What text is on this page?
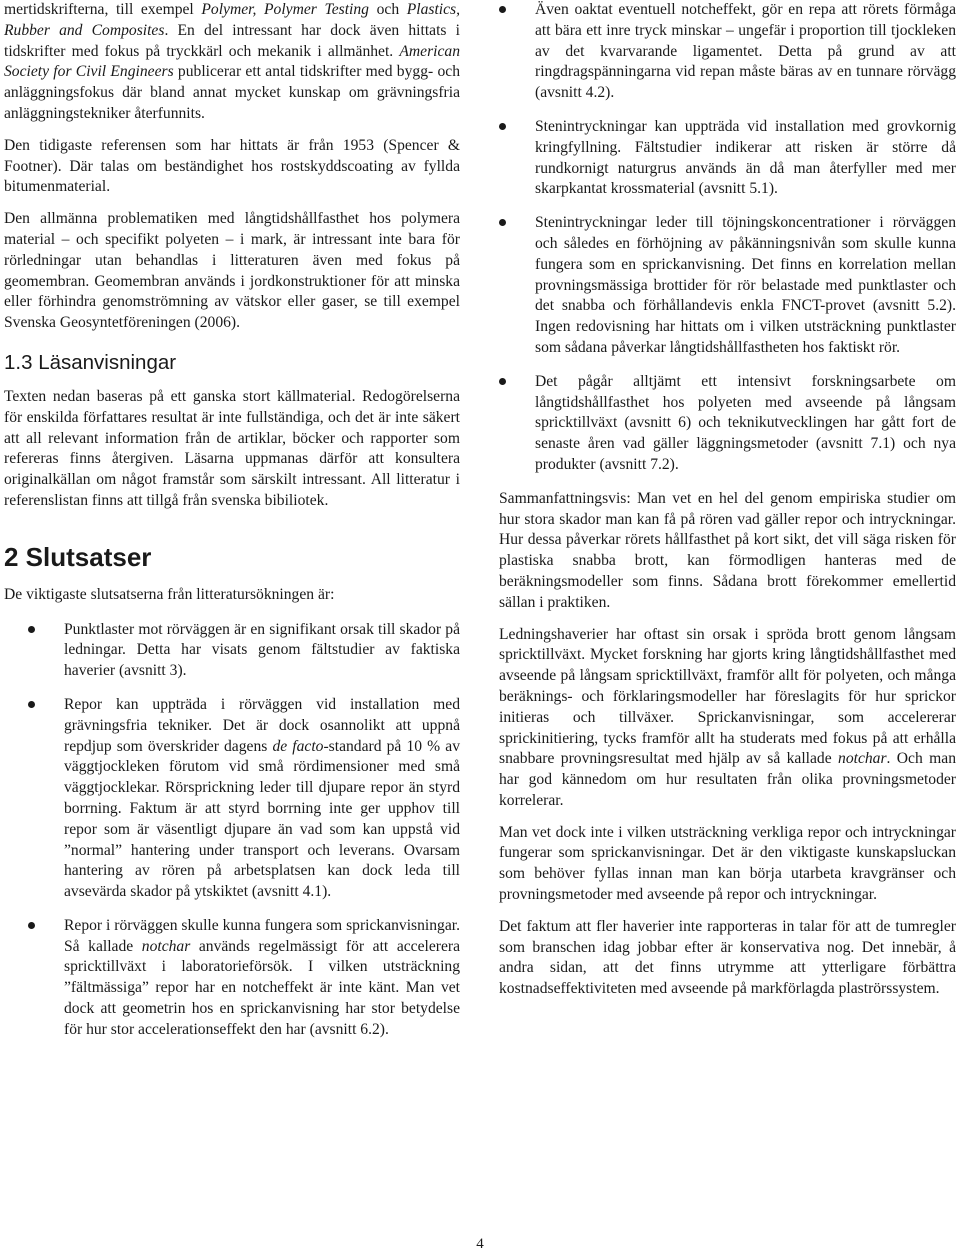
mertidskrifterna, till exempel Polymer, Polymer Testing och Plastics, Rubber and Composites. En del intressant har dock även hittats i tidskrifter med fokus på tryckkärl och mekanik i allmänhet. American Society for Civil Engineers publicerar ett antal tidskrifter med bygg- och anläggningsfokus där bland annat mycket kunskap om grävningsfria anläggningstekniker återfunnits.

Den tidigaste referensen som har hittats är från 1953 (Spencer & Footner). Där talas om beständighet hos rostskyddscoating av fyllda bitumenmaterial.

Den allmänna problematiken med långtidshållfasthet hos polymera material – och specifikt polyeten – i mark, är intressant inte bara för rörledningar utan behandlas i litteraturen även med fokus på geomembran. Geomembran används i jordkonstruktioner för att minska eller förhindra genomströmning av vätskor eller gaser, se till exempel Svenska Geosyntetföreningen (2006).

1.3 Läsanvisningar

Texten nedan baseras på ett ganska stort källmaterial. Redogörelserna för enskilda författares resultat är inte fullständiga, och det är inte säkert att all relevant information från de artiklar, böcker och rapporter som refereras finns återgiven. Läsarna uppmanas därför att konsultera originalkällan om något framstår som särskilt intressant. All litteratur i referenslistan finns att tillgå från svenska bibiliotek.

2 Slutsatser

De viktigaste slutsatserna från litteratursökningen är:

Punktlaster mot rörväggen är en signifikant orsak till skador på ledningar. Detta har visats genom fältstudier av faktiska haverier (avsnitt 3).
Repor kan uppträda i rörväggen vid installation med grävningsfria tekniker. Det är dock osannolikt att uppnå repdjup som överskrider dagens de facto-standard på 10 % av väggtjockleken förutom vid små rördimensioner med små väggtjocklekar. Rörsprickning leder till djupare repor än styrd borrning. Faktum är att styrd borrning inte ger upphov till repor som är väsentligt djupare än vad som kan uppstå vid ”normal” hantering under transport och leverans. Ovarsam hantering av rören på arbetsplatsen kan dock leda till avsevärda skador på ytskiktet (avsnitt 4.1).
Repor i rörväggen skulle kunna fungera som sprickanvisningar. Så kallade notchar används regelmässigt för att accelerera spricktillväxt i laboratorieförsök. I vilken utsträckning ”fältmässiga” repor har en notcheffekt är inte känt. Man vet dock att geometrin hos en sprickanvisning har stor betydelse för hur stor accelerationseffekt den har (avsnitt 6.2).
Även oaktat eventuell notcheffekt, gör en repa att rörets förmåga att bära ett inre tryck minskar – ungefär i proportion till tjockleken av det kvarvarande ligamentet. Detta på grund av att ringdragspänningarna vid repan måste bäras av en tunnare rörvägg (avsnitt 4.2).
Stenintryckningar kan uppträda vid installation med grovkornig kringfyllning. Fältstudier indikerar att risken är större då rundkornigt naturgrus används än då man återfyller med mer skarpkantat krossmaterial (avsnitt 5.1).
Stenintryckningar leder till töjningskoncentrationer i rörväggen och således en förhöjning av påkänningsnivån som skulle kunna fungera som en sprickanvisning. Det finns en korrelation mellan provningsmässiga brottider för rör belastade med punktlaster och det snabba och förhållandevis enkla FNCT-provet (avsnitt 5.2). Ingen redovisning har hittats om i vilken utsträckning punktlaster som sådana påverkar långtidshållfastheten hos faktiskt rör.
Det pågår alltjämt ett intensivt forskningsarbete om långtidshållfasthet hos polyeten med avseende på långsam spricktillväxt (avsnitt 6) och teknikutvecklingen har gått fort de senaste åren vad gäller läggningsmetoder (avsnitt 7.1) och nya produkter (avsnitt 7.2).

Sammanfattningsvis: Man vet en hel del genom empiriska studier om hur stora skador man kan få på rören vad gäller repor och intryckningar. Hur dessa påverkar rörets hållfasthet på kort sikt, det vill säga risken för plastiska snabba brott, kan förmodligen hanteras med de beräkningsmodeller som finns. Sådana brott förekommer emellertid sällan i praktiken.

Ledningshaverier har oftast sin orsak i spröda brott genom långsam spricktillväxt. Mycket forskning har gjorts kring långtidshållfasthet med avseende på långsam spricktillväxt, framför allt för polyeten, och många beräknings- och förklaringsmodeller har föreslagits för hur sprickor initieras och tillväxer. Sprickanvisningar, som accelererar sprickinitiering, tycks framför allt ha studerats med fokus på att erhålla snabbare provningsresultat med hjälp av så kallade notchar. Och man har god kännedom om hur resultaten från olika provningsmetoder korrelerar.

Man vet dock inte i vilken utsträckning verkliga repor och intryckningar fungerar som sprickanvisningar. Det är den viktigaste kunskapsluckan som behöver fyllas innan man kan börja utarbeta kravgränser och provningsmetoder med avseende på repor och intryckningar.

Det faktum att fler haverier inte rapporteras in talar för att de tumregler som branschen idag jobbar efter är konservativa nog. Det innebär, å andra sidan, att det finns utrymme att ytterligare förbättra kostnadseffektiviteten med avseende på markförlagda plaströrssystem.

4
